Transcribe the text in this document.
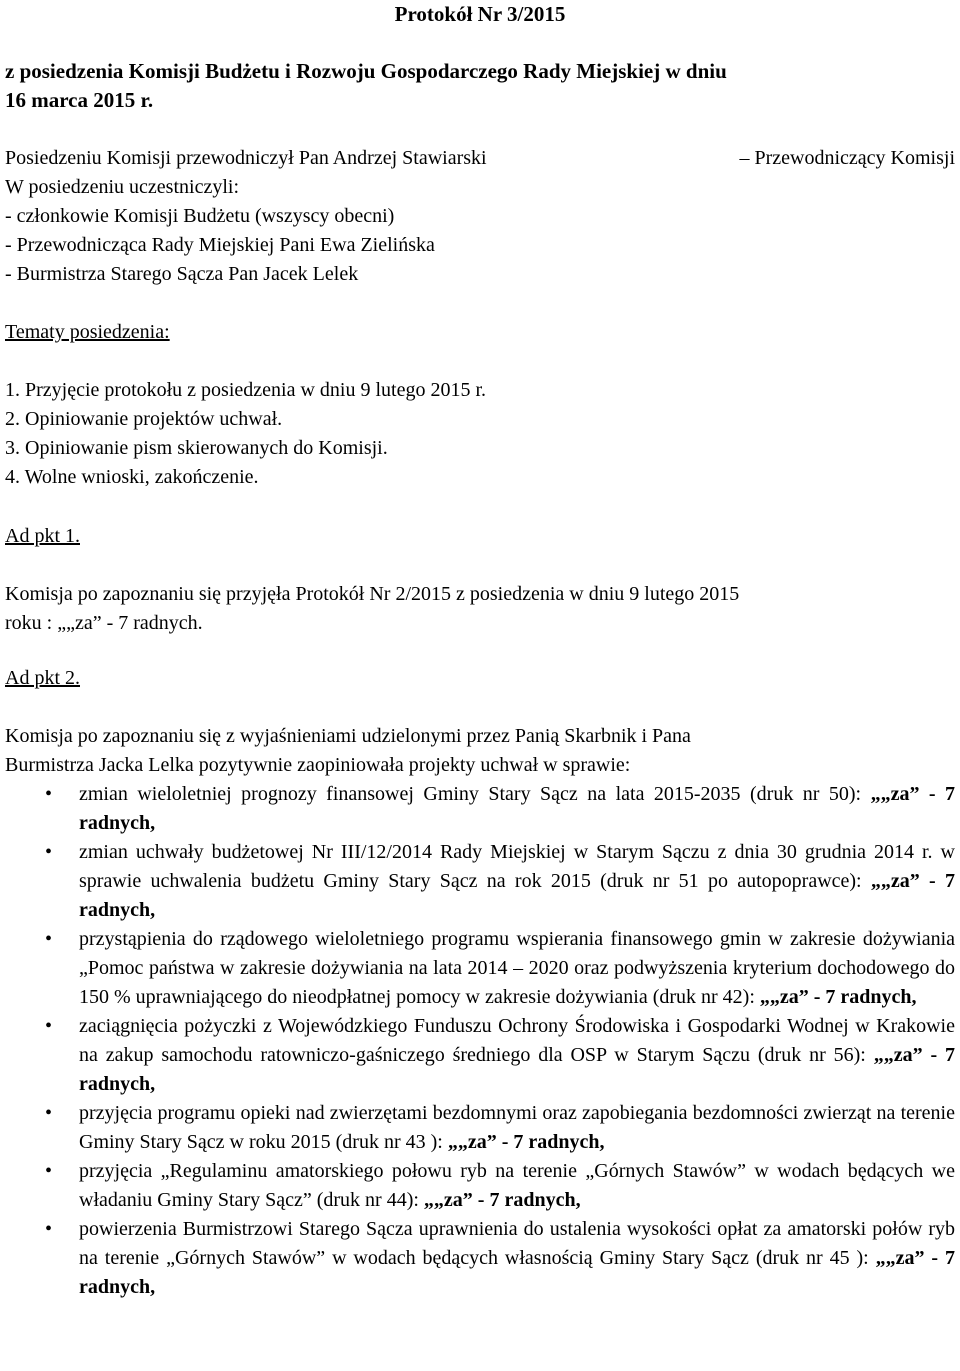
Protokół Nr 3/2015
z posiedzenia Komisji Budżetu i Rozwoju Gospodarczego Rady Miejskiej w dniu
16 marca 2015 r.
Posiedzeniu Komisji przewodniczył Pan Andrzej Stawiarski	– Przewodniczący Komisji
W posiedzeniu uczestniczyli:
- członkowie Komisji Budżetu (wszyscy obecni)
- Przewodnicząca Rady Miejskiej Pani Ewa Zielińska
- Burmistrza Starego Sącza Pan Jacek Lelek
Tematy posiedzenia:
1. Przyjęcie protokołu z posiedzenia w dniu 9 lutego 2015 r.
2. Opiniowanie projektów uchwał.
3. Opiniowanie pism skierowanych do Komisji.
4. Wolne wnioski, zakończenie.
Ad pkt 1.
Komisja po zapoznaniu się przyjęła Protokół Nr 2/2015 z posiedzenia w dniu 9 lutego 2015
roku : „„za” - 7 radnych.
Ad pkt 2.
Komisja po zapoznaniu się z wyjaśnieniami udzielonymi przez Panią Skarbnik i Pana
Burmistrza Jacka Lelka pozytywnie zaopiniowała projekty uchwał w sprawie:
• zmian wieloletniej prognozy finansowej Gminy Stary Sącz na lata 2015-2035 (druk nr 50): „„za” - 7 radnych,
• zmian uchwały budżetowej Nr III/12/2014 Rady Miejskiej w Starym Sączu z dnia 30 grudnia 2014 r. w sprawie uchwalenia budżetu Gminy Stary Sącz na rok 2015 (druk nr 51 po autopoprawce): „„za” - 7 radnych,
• przystąpienia do rządowego wieloletniego programu wspierania finansowego gmin w zakresie dożywiania „Pomoc państwa w zakresie dożywiania na lata 2014 – 2020 oraz podwyższenia kryterium dochodowego do 150 % uprawniającego do nieodpłatnej pomocy w zakresie dożywiania (druk nr 42): „„za” - 7 radnych,
• zaciągnięcia pożyczki z Wojewódzkiego Funduszu Ochrony Środowiska i Gospodarki Wodnej w Krakowie na zakup samochodu ratowniczo-gaśniczego średniego dla OSP w Starym Sączu (druk nr 56): „„za” - 7 radnych,
• przyjęcia programu opieki nad zwierzętami bezdomnymi oraz zapobiegania bezdomności zwierząt na terenie Gminy Stary Sącz w roku 2015 (druk nr 43 ): „„za” - 7 radnych,
• przyjęcia „Regulaminu amatorskiego połowu ryb na terenie „Górnych Stawów” w wodach będących we władaniu Gminy Stary Sącz” (druk nr 44): „„za” - 7 radnych,
• powierzenia Burmistrzowi Starego Sącza uprawnienia do ustalenia wysokości opłat za amatorski połów ryb na terenie „Górnych Stawów” w wodach będących własnością Gminy Stary Sącz (druk nr 45 ): „„za” - 7 radnych,
